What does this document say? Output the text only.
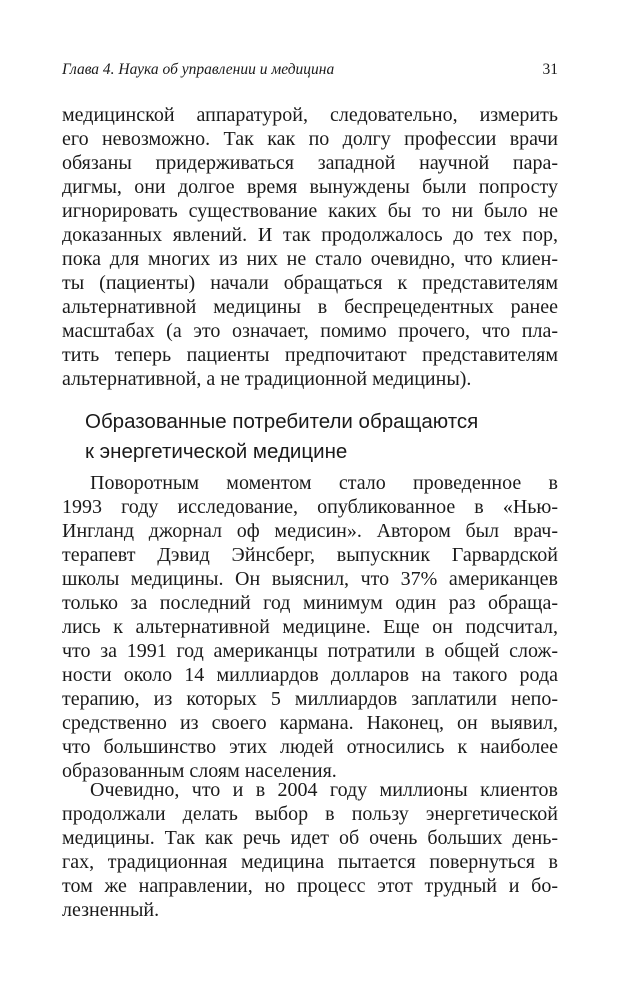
Глава 4. Наука об управлении и медицина	31
медицинской аппаратурой, следовательно, измерить
его невозможно. Так как по долгу профессии врачи
обязаны придерживаться западной научной пара-
дигмы, они долгое время вынуждены были попросту
игнорировать существование каких бы то ни было не
доказанных явлений. И так продолжалось до тех пор,
пока для многих из них не стало очевидно, что клиен-
ты (пациенты) начали обращаться к представителям
альтернативной медицины в беспрецедентных ранее
масштабах (а это означает, помимо прочего, что пла-
тить теперь пациенты предпочитают представителям
альтернативной, а не традиционной медицины).
Образованные потребители обращаются
к энергетической медицине
Поворотным моментом стало проведенное в
1993 году исследование, опубликованное в «Нью-
Ингланд джорнал оф медисин». Автором был врач-
терапевт Дэвид Эйнсберг, выпускник Гарвардской
школы медицины. Он выяснил, что 37% американцев
только за последний год минимум один раз обраща-
лись к альтернативной медицине. Еще он подсчитал,
что за 1991 год американцы потратили в общей слож-
ности около 14 миллиардов долларов на такого рода
терапию, из которых 5 миллиардов заплатили непо-
средственно из своего кармана. Наконец, он выявил,
что большинство этих людей относились к наиболее
образованным слоям населения.
Очевидно, что и в 2004 году миллионы клиентов
продолжали делать выбор в пользу энергетической
медицины. Так как речь идет об очень больших день-
гах, традиционная медицина пытается повернуться в
том же направлении, но процесс этот трудный и бо-
лезненный.
